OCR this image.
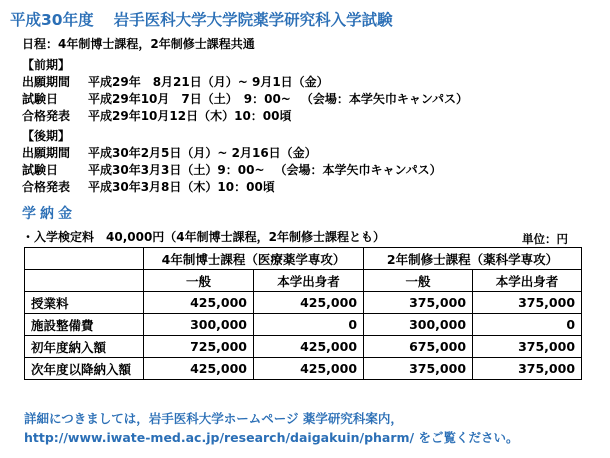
平成30年度 岩手医科大学大学院薬学研究科入学試験
日程：4年制博士課程，2年制修士課程共通
【前期】
出願期間 平成29年　8月21日（月）~ 9月1日（金）
試験日 平成29年10月　7日（土）　9：00~ （会場：本学矢巾キャンパス）
合格発表 平成29年10月12日（木）10：00頃
【後期】
出願期間 平成30年2月5日（月）~ 2月16日（金）
試験日 平成30年3月3日（土）9：00~ （会場：本学矢巾キャンパス）
合格発表 平成30年3月8日（木）10：00頃
学納金
・入学検定料　40,000円（4年制博士課程，2年制修士課程とも）	単位：円
	4年制博士課程（医療薬学専攻）		2年制修士課程（薬科学専攻）	
	一般	本学出身者	一般	本学出身者
授業料	425,000	425,000	375,000	375,000
施設整備費	300,000	0	300,000	0
初年度納入額	725,000	425,000	675,000	375,000
次年度以降納入額	425,000	425,000	375,000	375,000
詳細につきましては，岩手医科大学ホームページ 薬学研究科案内，
http://www.iwate-med.ac.jp/research/daigakuin/pharm/ をご覧ください。
